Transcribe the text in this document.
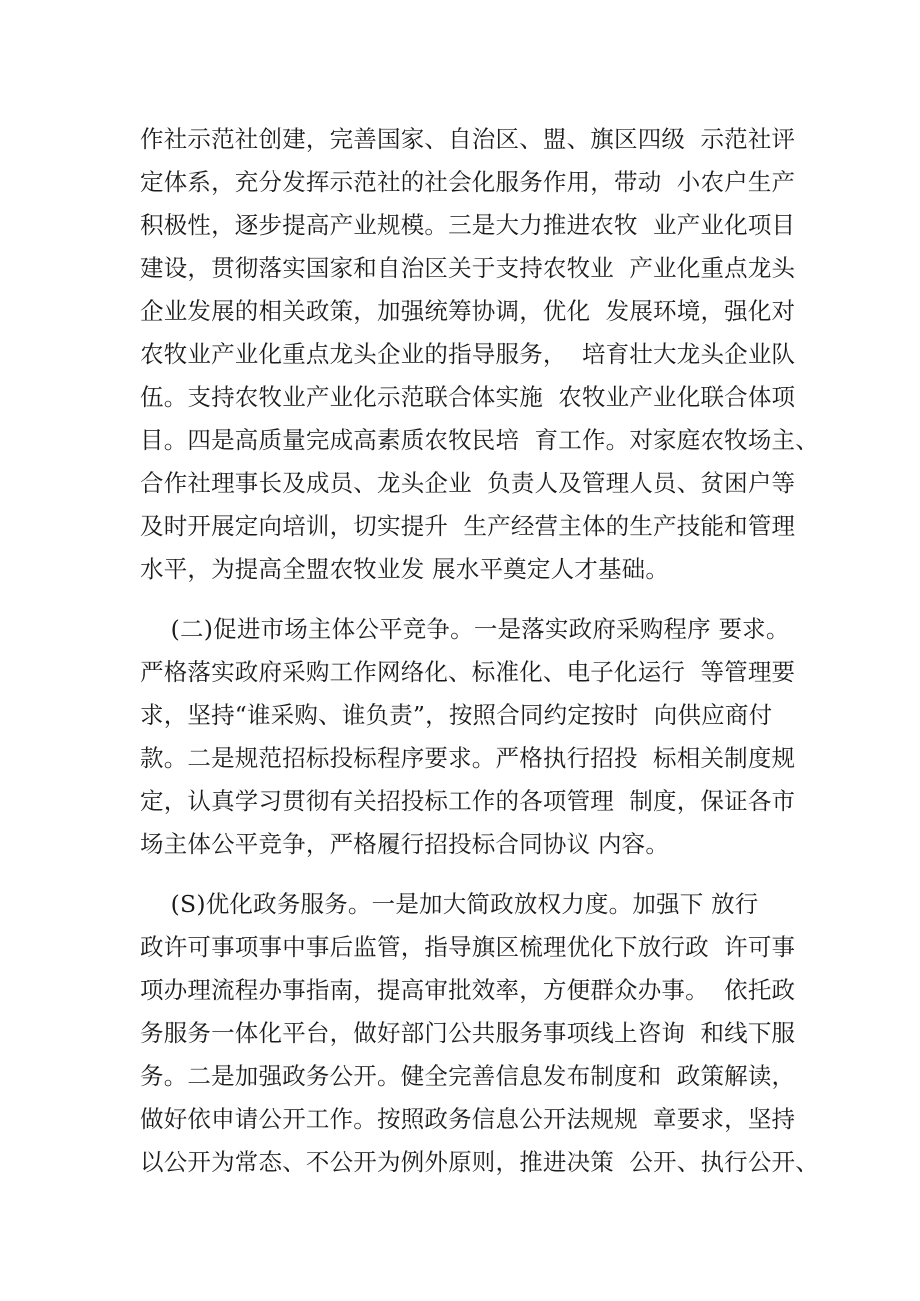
作社示范社创建，完善国家、自治区、盟、旗区四级  示范社评

定体系，充分发挥示范社的社会化服务作用，带动  小农户生产

积极性，逐步提高产业规模。三是大力推进农牧  业产业化项目

建设，贯彻落实国家和自治区关于支持农牧业  产业化重点龙头

企业发展的相关政策，加强统筹协调，优化  发展环境，强化对

农牧业产业化重点龙头企业的指导服务，  培育壮大龙头企业队

伍。支持农牧业产业化示范联合体实施  农牧业产业化联合体项

目。四是高质量完成高素质农牧民培  育工作。对家庭农牧场主、

合作社理事长及成员、龙头企业  负责人及管理人员、贫困户等

及时开展定向培训，切实提升  生产经营主体的生产技能和管理

水平，为提高全盟农牧业发 展水平奠定人才基础。

(二)促进市场主体公平竞争。一是落实政府采购程序 要求。

严格落实政府采购工作网络化、标准化、电子化运行  等管理要

求，坚持“谁采购、谁负责”，按照合同约定按时  向供应商付

款。二是规范招标投标程序要求。严格执行招投  标相关制度规

定，认真学习贯彻有关招投标工作的各项管理  制度，保证各市

场主体公平竞争，严格履行招投标合同协议 内容。

(S)优化政务服务。一是加大简政放权力度。加强下 放行

政许可事项事中事后监管，指导旗区梳理优化下放行政  许可事

项办理流程办事指南，提高审批效率，方便群众办事。  依托政

务服务一体化平台，做好部门公共服务事项线上咨询  和线下服

务。二是加强政务公开。健全完善信息发布制度和  政策解读，

做好依申请公开工作。按照政务信息公开法规规  章要求，坚持

以公开为常态、不公开为例外原则，推进决策  公开、执行公开、
